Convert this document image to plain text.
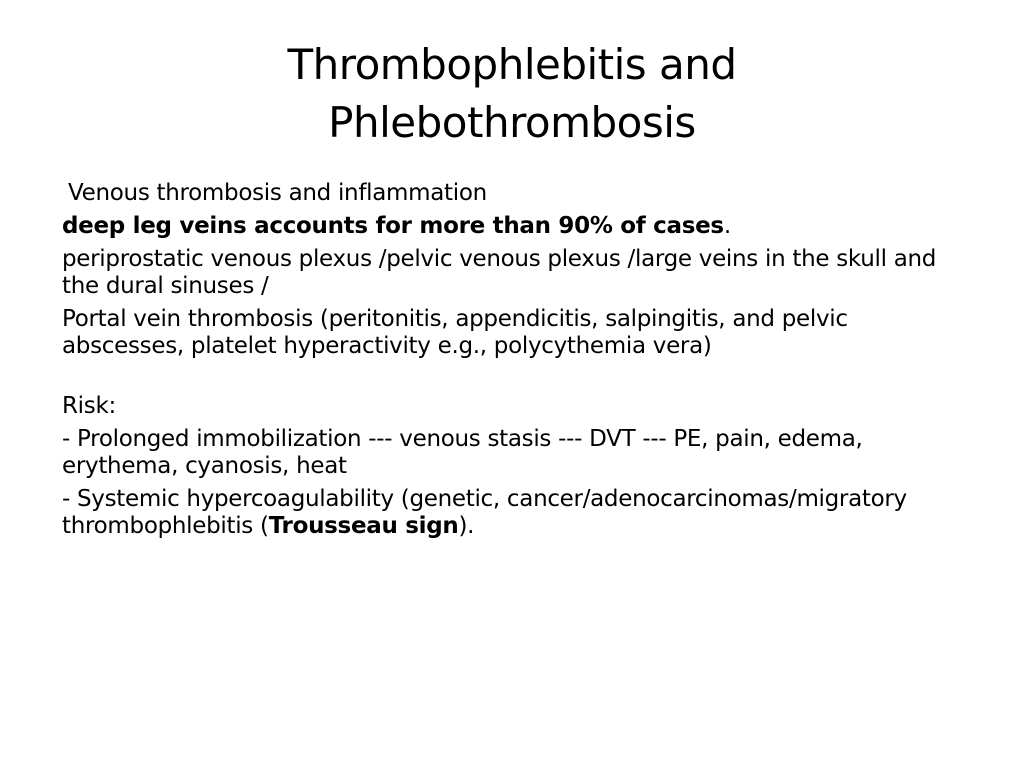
Thrombophlebitis and
Phlebothrombosis

Venous thrombosis and inflammation

deep leg veins accounts for more than 90% of cases.

periprostatic venous plexus /pelvic venous plexus /large veins in the skull and the dural sinuses /

Portal vein thrombosis (peritonitis, appendicitis, salpingitis, and pelvic abscesses, platelet hyperactivity e.g., polycythemia vera)

Risk:

- Prolonged immobilization --- venous stasis --- DVT --- PE, pain, edema, erythema, cyanosis, heat

- Systemic hypercoagulability (genetic, cancer/adenocarcinomas/migratory thrombophlebitis (Trousseau sign).
